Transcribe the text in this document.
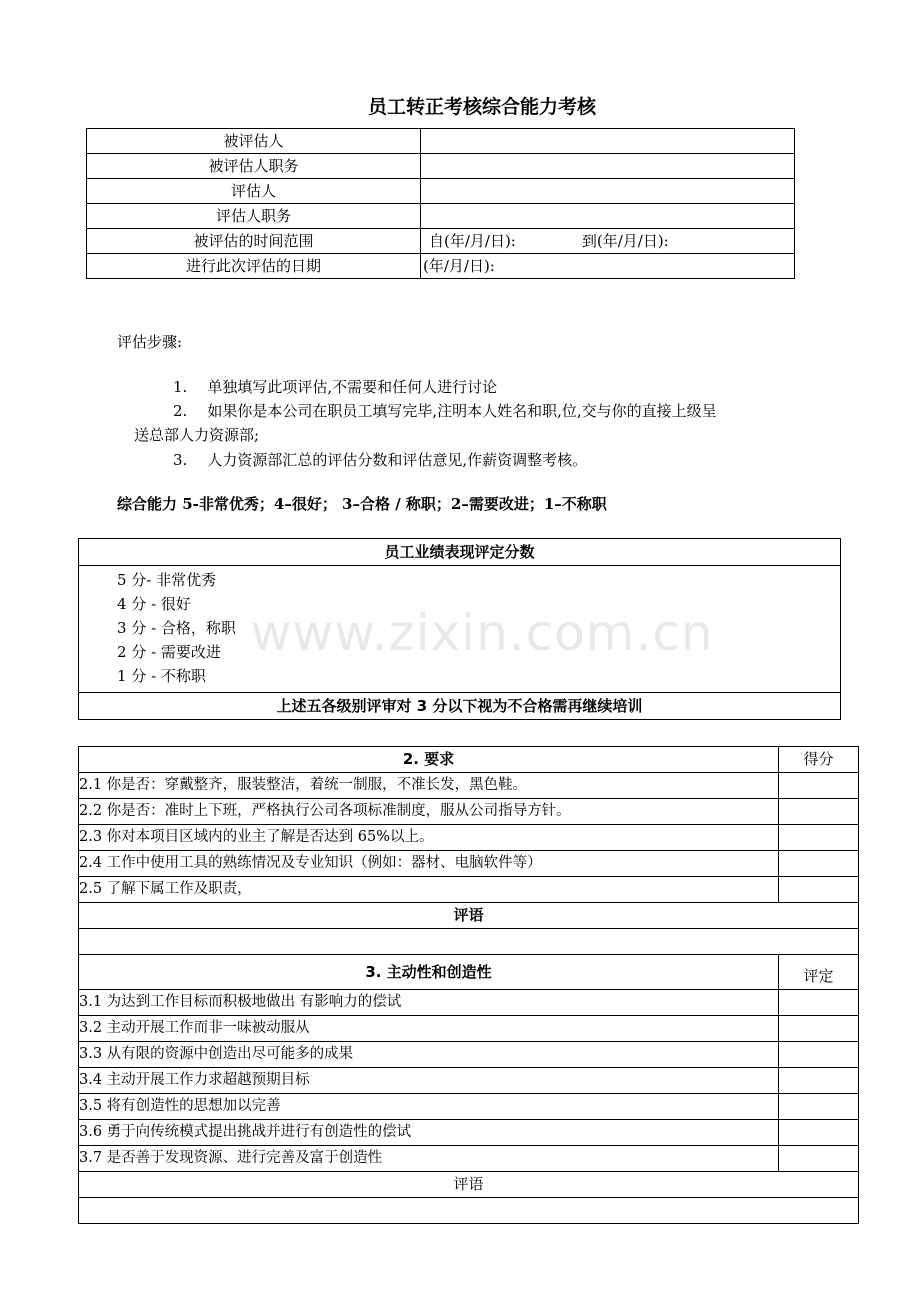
员工转正考核综合能力考核
被评估人	
被评估人职务	
评估人	
评估人职务	
被评估的时间范围	自(年/月/日): 到(年/月/日):
进行此次评估的日期	(年/月/日):
评估步骤:
1. 单独填写此项评估,不需要和任何人进行讨论
2. 如果你是本公司在职员工填写完毕,注明本人姓名和职,位,交与你的直接上级呈
送总部人力资源部;
3. 人力资源部汇总的评估分数和评估意见,作薪资调整考核。
综合能力 5-非常优秀；4–很好； 3–合格 / 称职；2–需要改进；1–不称职
员工业绩表现评定分数
5 分- 非常优秀
4 分 - 很好
3 分 - 合格，称职
2 分 - 需要改进
1 分 - 不称职
上述五各级别评审对 3 分以下视为不合格需再继续培训
www.zixin.com.cn
2. 要求	得分
2.1 你是否：穿戴整齐，服装整洁，着统一制服，不准长发，黑色鞋。	
2.2 你是否：准时上下班，严格执行公司各项标准制度，服从公司指导方针。	
2.3 你对本项目区域内的业主了解是否达到 65%以上。	
2.4 工作中使用工具的熟练情况及专业知识（例如：器材、电脑软件等）	
2.5 了解下属工作及职责，	
评语	

3. 主动性和创造性	评定
3.1 为达到工作目标而积极地做出 有影响力的偿试	
3.2 主动开展工作而非一味被动服从	
3.3 从有限的资源中创造出尽可能多的成果	
3.4 主动开展工作力求超越预期目标	
3.5 将有创造性的思想加以完善	
3.6 勇于向传统模式提出挑战并进行有创造性的偿试	
3.7 是否善于发现资源、进行完善及富于创造性	
评语	
